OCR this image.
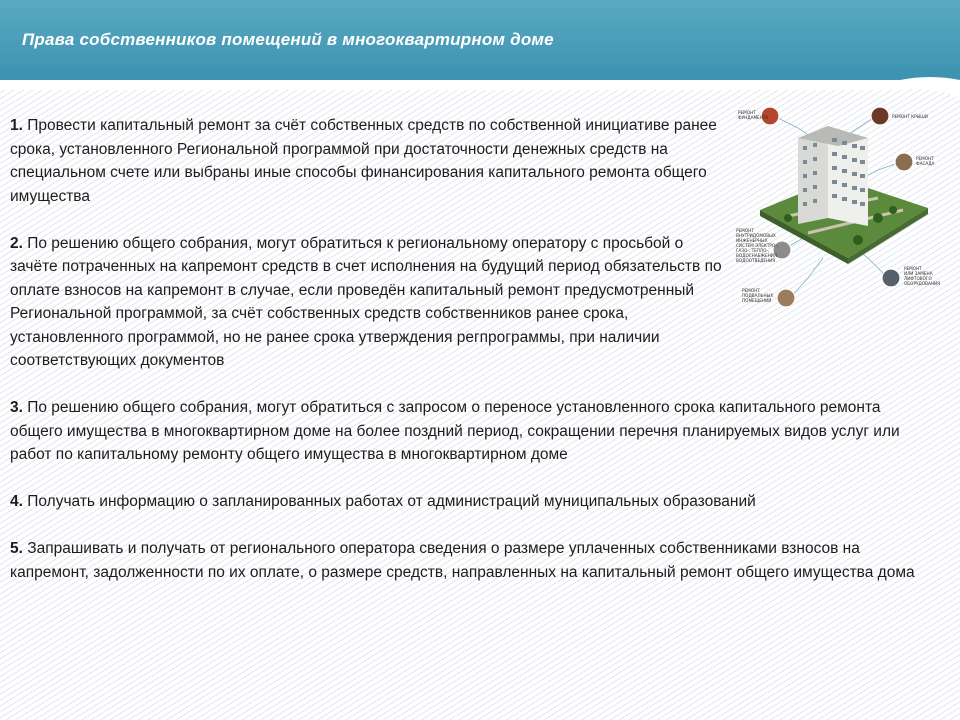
Права собственников помещений в многоквартирном доме

1. Провести капитальный ремонт за счёт собственных средств по собственной инициативе ранее срока, установленного Региональной программой при достаточности денежных средств на специальном счете или выбраны иные способы финансирования капитального ремонта общего имущества

2. По решению общего собрания, могут обратиться к региональному оператору с просьбой о зачёте потраченных на капремонт средств в счет исполнения на будущий период обязательств по оплате взносов на капремонт в случае, если проведён капитальный ремонт предусмотренный Региональной программой, за счёт собственных средств собственников ранее срока, установленного программой, но не ранее срока утверждения регпрограммы, при наличии соответствующих документов

3. По решению общего собрания, могут обратиться с запросом о переносе установленного срока капитального ремонта общего имущества в многоквартирном доме на более поздний период, сокращении перечня планируемых видов услуг или работ по капитальному ремонту общего имущества в многоквартирном доме

4. Получать информацию о запланированных работах от администраций муниципальных образований

5. Запрашивать и получать от регионального оператора сведения о размере уплаченных собственниками взносов на капремонт, задолженности по их оплате, о размере средств, направленных на капитальный ремонт общего имущества дома

РЕМОНТ ФУНДАМЕНТА	РЕМОНТ КРЫШИ
РЕМОНТ ФАСАДА
РЕМОНТ ВНУТРИДОМОВЫХ ИНЖЕНЕРНЫХ СИСТЕМ ЭЛЕКТРО-, ГАЗО-, ТЕПЛО-, ВОДОСНАБЖЕНИЯ, ВОДООТВЕДЕНИЯ
РЕМОНТ ИЛИ ЗАМЕНА ЛИФТОВОГО ОБОРУДОВАНИЯ
РЕМОНТ ПОДВАЛЬНЫХ ПОМЕЩЕНИЙ
